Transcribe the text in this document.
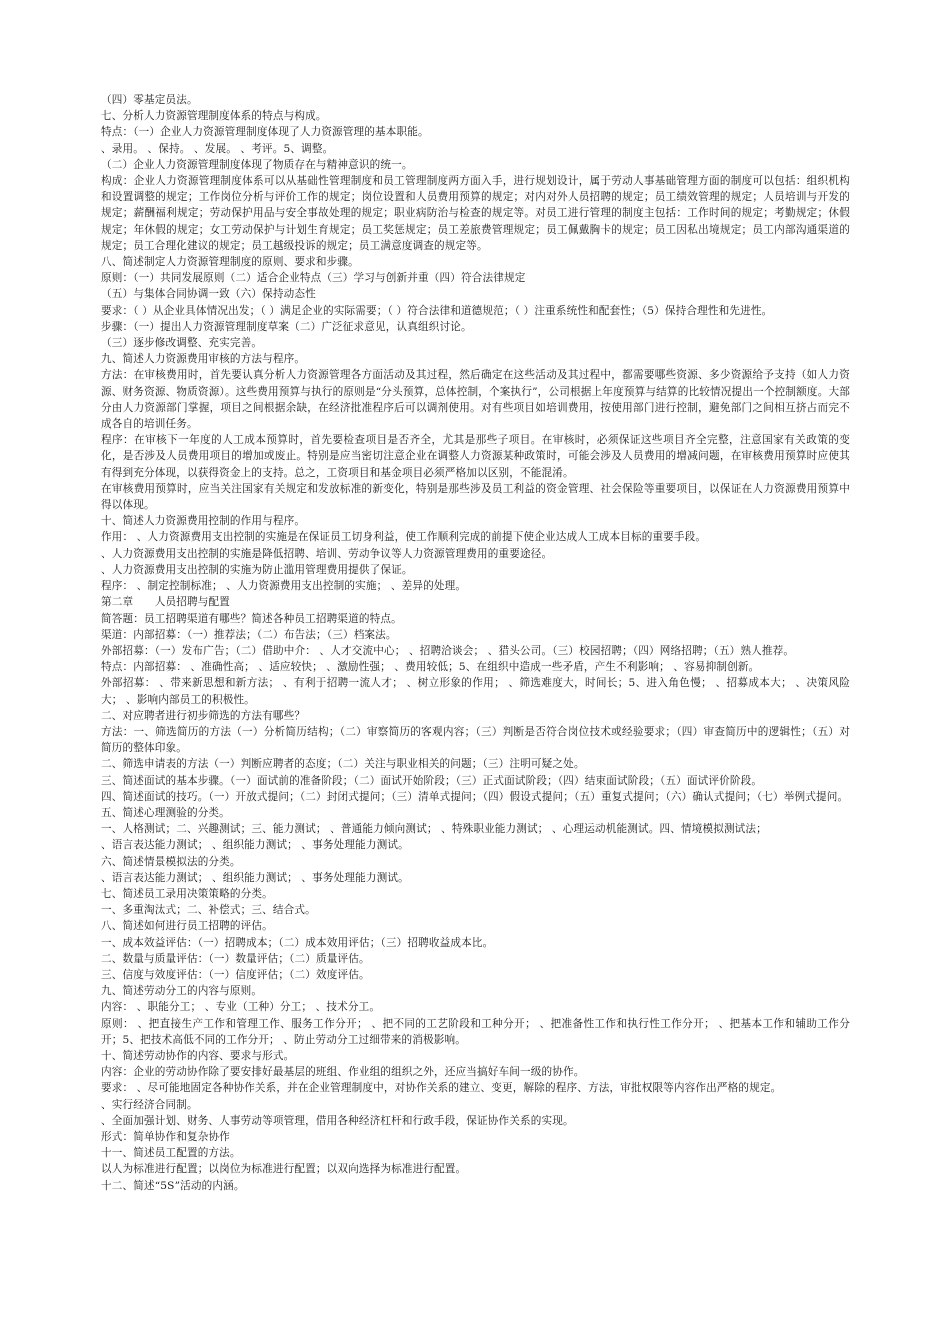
（四）零基定员法。

七、分析人力资源管理制度体系的特点与构成。

特点：（一）企业人力资源管理制度体现了人力资源管理的基本职能。

、录用。 、保持。 、发展。 、考评。5、调整。

（二）企业人力资源管理制度体现了物质存在与精神意识的统一。

构成：企业人力资源管理制度体系可以从基础性管理制度和员工管理制度两方面入手，进行规划设计，属于劳动人事基础管理方面的制度可以包括：组织机构和设置调整的规定；工作岗位分析与评价工作的规定；岗位设置和人员费用预算的规定；对内对外人员招聘的规定；员工绩效管理的规定；人员培训与开发的规定；薪酬福利规定；劳动保护用品与安全事故处理的规定；职业病防治与检查的规定等。对员工进行管理的制度主包括：工作时间的规定；考勤规定；休假规定；年休假的规定；女工劳动保护与计划生育规定；员工奖惩规定；员工差旅费管理规定；员工佩戴胸卡的规定；员工因私出境规定；员工内部沟通渠道的规定；员工合理化建议的规定；员工越级投诉的规定；员工满意度调查的规定等。

八、简述制定人力资源管理制度的原则、要求和步骤。

原则：（一）共同发展原则（二）适合企业特点（三）学习与创新并重（四）符合法律规定

（五）与集体合同协调一致（六）保持动态性

要求：（ ）从企业具体情况出发；（ ）满足企业的实际需要；（ ）符合法律和道德规范；（ ）注重系统性和配套性；（5）保持合理性和先进性。

步骤：（一）提出人力资源管理制度草案（二）广泛征求意见，认真组织讨论。

（三）逐步修改调整、充实完善。

九、简述人力资源费用审核的方法与程序。

方法：在审核费用时，首先要认真分析人力资源管理各方面活动及其过程，然后确定在这些活动及其过程中，都需要哪些资源、多少资源给予支持（如人力资源、财务资源、物质资源）。这些费用预算与执行的原则是“分头预算，总体控制，个案执行”，公司根据上年度预算与结算的比较情况提出一个控制额度。大部分由人力资源部门掌握，项目之间根据余缺，在经济批准程序后可以调剂使用。对有些项目如培训费用，按使用部门进行控制，避免部门之间相互挤占而完不成各自的培训任务。

程序：在审核下一年度的人工成本预算时，首先要检查项目是否齐全，尤其是那些子项目。在审核时，必须保证这些项目齐全完整，注意国家有关政策的变化，是否涉及人员费用项目的增加或废止。特别是应当密切注意企业在调整人力资源某种政策时，可能会涉及人员费用的增减问题，在审核费用预算时应使其有得到充分体现，以获得资金上的支持。总之，工资项目和基金项目必须严格加以区别，不能混淆。

在审核费用预算时，应当关注国家有关规定和发放标准的新变化，特别是那些涉及员工利益的资金管理、社会保险等重要项目，以保证在人力资源费用预算中得以体现。

十、简述人力资源费用控制的作用与程序。

作用： 、人力资源费用支出控制的实施是在保证员工切身利益，使工作顺利完成的前提下使企业达成人工成本目标的重要手段。

、人力资源费用支出控制的实施是降低招聘、培训、劳动争议等人力资源管理费用的重要途径。

、人力资源费用支出控制的实施为防止滥用管理费用提供了保证。

程序： 、制定控制标准； 、人力资源费用支出控制的实施； 、差异的处理。

第二章　　人员招聘与配置

简答题：员工招聘渠道有哪些？简述各种员工招聘渠道的特点。

渠道：内部招募：（一）推荐法；（二）布告法；（三）档案法。

外部招募：（一）发布广告；（二）借助中介： 、人才交流中心； 、招聘洽谈会； 、猎头公司。（三）校园招聘；（四）网络招聘；（五）熟人推荐。

特点：内部招募： 、准确性高； 、适应较快； 、激励性强； 、费用较低；5、在组织中造成一些矛盾，产生不利影响； 、容易抑制创新。

外部招募： 、带来新思想和新方法； 、有利于招聘一流人才； 、树立形象的作用； 、筛选难度大，时间长；5、进入角色慢； 、招募成本大； 、决策风险大； 、影响内部员工的积极性。

二、对应聘者进行初步筛选的方法有哪些？

方法：一、筛选简历的方法（一）分析简历结构；（二）审察简历的客观内容；（三）判断是否符合岗位技术或经验要求；（四）审查简历中的逻辑性；（五）对简历的整体印象。

二、筛选申请表的方法（一）判断应聘者的态度；（二）关注与职业相关的问题；（三）注明可疑之处。

三、简述面试的基本步骤。（一）面试前的准备阶段；（二）面试开始阶段；（三）正式面试阶段；（四）结束面试阶段；（五）面试评价阶段。

四、简述面试的技巧。（一）开放式提问；（二）封闭式提问；（三）清单式提问；（四）假设式提问；（五）重复式提问；（六）确认式提问；（七）举例式提问。

五、简述心理测验的分类。

一、人格测试；二、兴趣测试；三、能力测试； 、普通能力倾向测试； 、特殊职业能力测试； 、心理运动机能测试。四、情境模拟测试法；

、语言表达能力测试； 、组织能力测试； 、事务处理能力测试。

六、简述情景模拟法的分类。

、语言表达能力测试； 、组织能力测试； 、事务处理能力测试。

七、简述员工录用决策策略的分类。

一、多重淘汰式；二、补偿式；三、结合式。

八、简述如何进行员工招聘的评估。

一、成本效益评估：（一）招聘成本；（二）成本效用评估；（三）招聘收益成本比。

二、数量与质量评估：（一）数量评估；（二）质量评估。

三、信度与效度评估：（一）信度评估；（二）效度评估。

九、简述劳动分工的内容与原则。

内容： 、职能分工； 、专业（工种）分工； 、技术分工。

原则： 、把直接生产工作和管理工作、服务工作分开； 、把不同的工艺阶段和工种分开； 、把准备性工作和执行性工作分开； 、把基本工作和辅助工作分开；5、把技术高低不同的工作分开； 、防止劳动分工过细带来的消极影响。

十、简述劳动协作的内容、要求与形式。

内容：企业的劳动协作除了要安排好最基层的班组、作业组的组织之外，还应当搞好车间一级的协作。

要求： 、尽可能地固定各种协作关系，并在企业管理制度中，对协作关系的建立、变更，解除的程序、方法，审批权限等内容作出严格的规定。

、实行经济合同制。

、全面加强计划、财务、人事劳动等项管理，借用各种经济杠杆和行政手段，保证协作关系的实现。

形式：简单协作和复杂协作

十一、简述员工配置的方法。

以人为标准进行配置；以岗位为标准进行配置；以双向选择为标准进行配置。

十二、简述“5S”活动的内涵。
